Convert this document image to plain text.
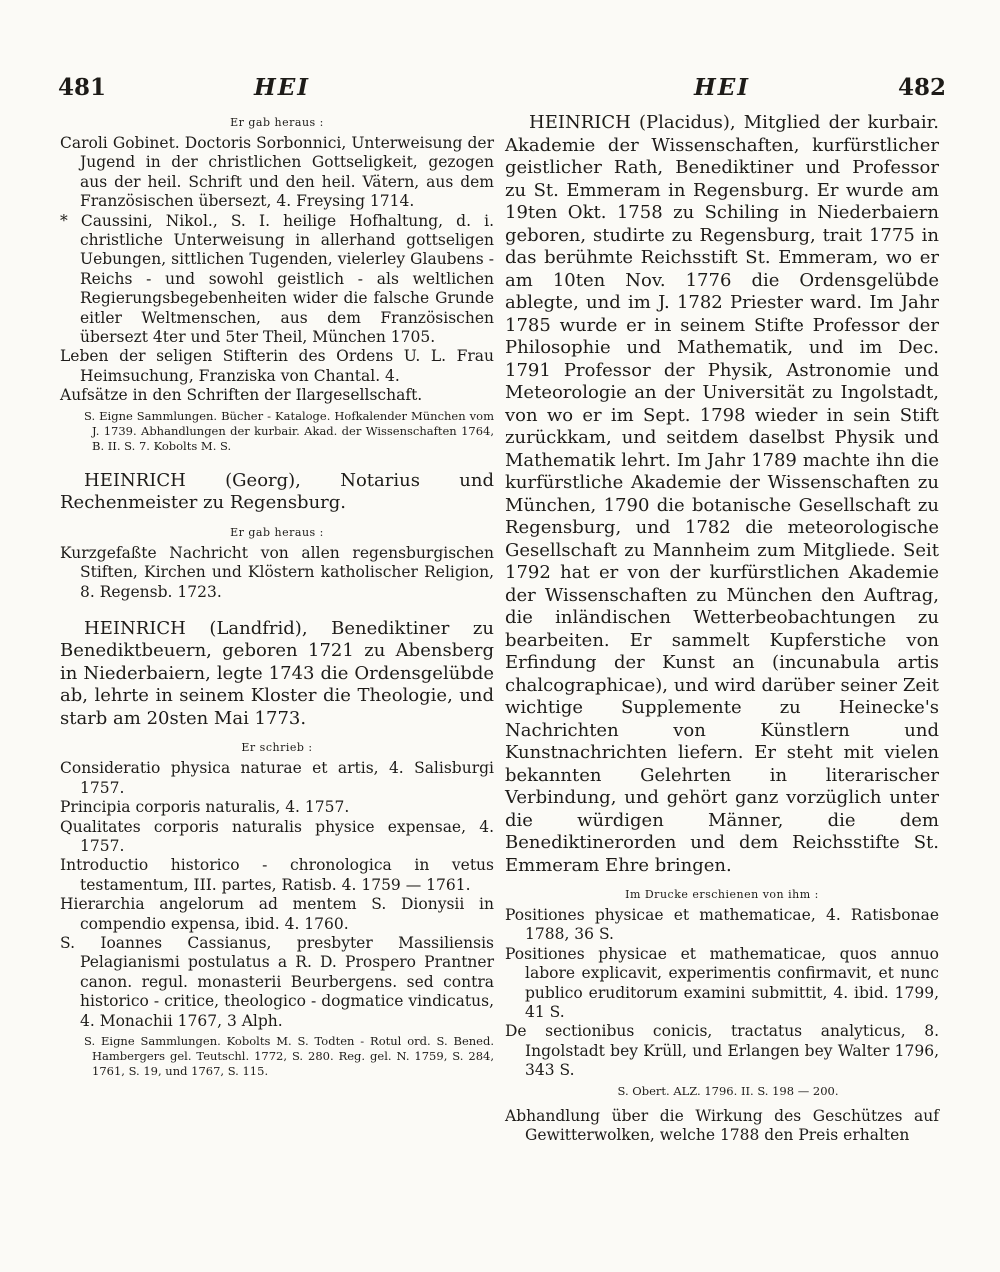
481	HEI	HEI	482
Er gab heraus :

Caroli Gobinet. Doctoris Sorbonnici, Unterweisung der Jugend in der christlichen Gottseligkeit, gezogen aus der heil. Schrift und den heil. Vätern, aus dem Französischen übersezt, 4. Freysing 1714.

* Caussini, Nikol., S. I. heilige Hofhaltung, d. i. christliche Unterweisung in allerhand gottseligen Uebungen, sittlichen Tugenden, vielerley Glaubens - Reichs - und sowohl geistlich - als weltlichen Regierungsbegebenheiten wider die falsche Grunde eitler Weltmenschen, aus dem Französischen übersezt 4ter und 5ter Theil, München 1705.

Leben der seligen Stifterin des Ordens U. L. Frau Heimsuchung, Franziska von Chantal. 4.

Aufsätze in den Schriften der Ilargesellschaft.

S. Eigne Sammlungen. Bücher - Kataloge. Hofkalender München vom J. 1739. Abhandlungen der kurbair. Akad. der Wissenschaften 1764, B. II. S. 7. Kobolts M. S.
HEINRICH (Georg), Notarius und Rechenmeister zu Regensburg.
Er gab heraus :

Kurzgefaßte Nachricht von allen regensburgischen Stiften, Kirchen und Klöstern katholischer Religion, 8. Regensb. 1723.

HEINRICH (Landfrid), Benediktiner zu Benediktbeuern, geboren 1721 zu Abensberg in Niederbaiern, legte 1743 die Ordensgelübde ab, lehrte in seinem Kloster die Theologie, und starb am 20sten Mai 1773.
Er schrieb :

Consideratio physica naturae et artis, 4. Salisburgi 1757.

Principia corporis naturalis, 4. 1757.

Qualitates corporis naturalis physice expensae, 4. 1757.

Introductio historico - chronologica in vetus testamentum, III. partes, Ratisb. 4. 1759 — 1761.

Hierarchia angelorum ad mentem S. Dionysii in compendio expensa, ibid. 4. 1760.

S. Ioannes Cassianus, presbyter Massiliensis Pelagianismi postulatus a R. D. Prospero Prantner canon. regul. monasterii Beurbergens. sed contra historico - critice, theologico - dogmatice vindicatus, 4. Monachii 1767, 3 Alph.

S. Eigne Sammlungen. Kobolts M. S. Todten - Rotul ord. S. Bened. Hambergers gel. Teutschl. 1772, S. 280. Reg. gel. N. 1759, S. 284, 1761, S. 19, und 1767, S. 115.
HEINRICH (Placidus), Mitglied der kurbair. Akademie der Wissenschaften, kurfürstlicher geistlicher Rath, Benediktiner und Professor zu St. Emmeram in Regensburg. Er wurde am 19ten Okt. 1758 zu Schiling in Niederbaiern geboren, studirte zu Regensburg, trait 1775 in das berühmte Reichsstift St. Emmeram, wo er am 10ten Nov. 1776 die Ordensgelübde ablegte, und im J. 1782 Priester ward. Im Jahr 1785 wurde er in seinem Stifte Professor der Philosophie und Mathematik, und im Dec. 1791 Professor der Physik, Astronomie und Meteorologie an der Universität zu Ingolstadt, von wo er im Sept. 1798 wieder in sein Stift zurückkam, und seitdem daselbst Physik und Mathematik lehrt. Im Jahr 1789 machte ihn die kurfürstliche Akademie der Wissenschaften zu München, 1790 die botanische Gesellschaft zu Regensburg, und 1782 die meteorologische Gesellschaft zu Mannheim zum Mitgliede. Seit 1792 hat er von der kurfürstlichen Akademie der Wissenschaften zu München den Auftrag, die inländischen Wetterbeobachtungen zu bearbeiten. Er sammelt Kupferstiche von Erfindung der Kunst an (incunabula artis chalcographicae), und wird darüber seiner Zeit wichtige Supplemente zu Heinecke's Nachrichten von Künstlern und Kunstnachrichten liefern. Er steht mit vielen bekannten Gelehrten in literarischer Verbindung, und gehört ganz vorzüglich unter die würdigen Männer, die dem Benediktinerorden und dem Reichsstifte St. Emmeram Ehre bringen.
Im Drucke erschienen von ihm :

Positiones physicae et mathematicae, 4. Ratisbonae 1788, 36 S.

Positiones physicae et mathematicae, quos annuo labore explicavit, experimentis confirmavit, et nunc publico eruditorum examini submittit, 4. ibid. 1799, 41 S.

De sectionibus conicis, tractatus analyticus, 8. Ingolstadt bey Krüll, und Erlangen bey Walter 1796, 343 S.

S. Obert. ALZ. 1796. II. S. 198 — 200.

Abhandlung über die Wirkung des Geschützes auf Gewitterwolken, welche 1788 den Preis erhalten
